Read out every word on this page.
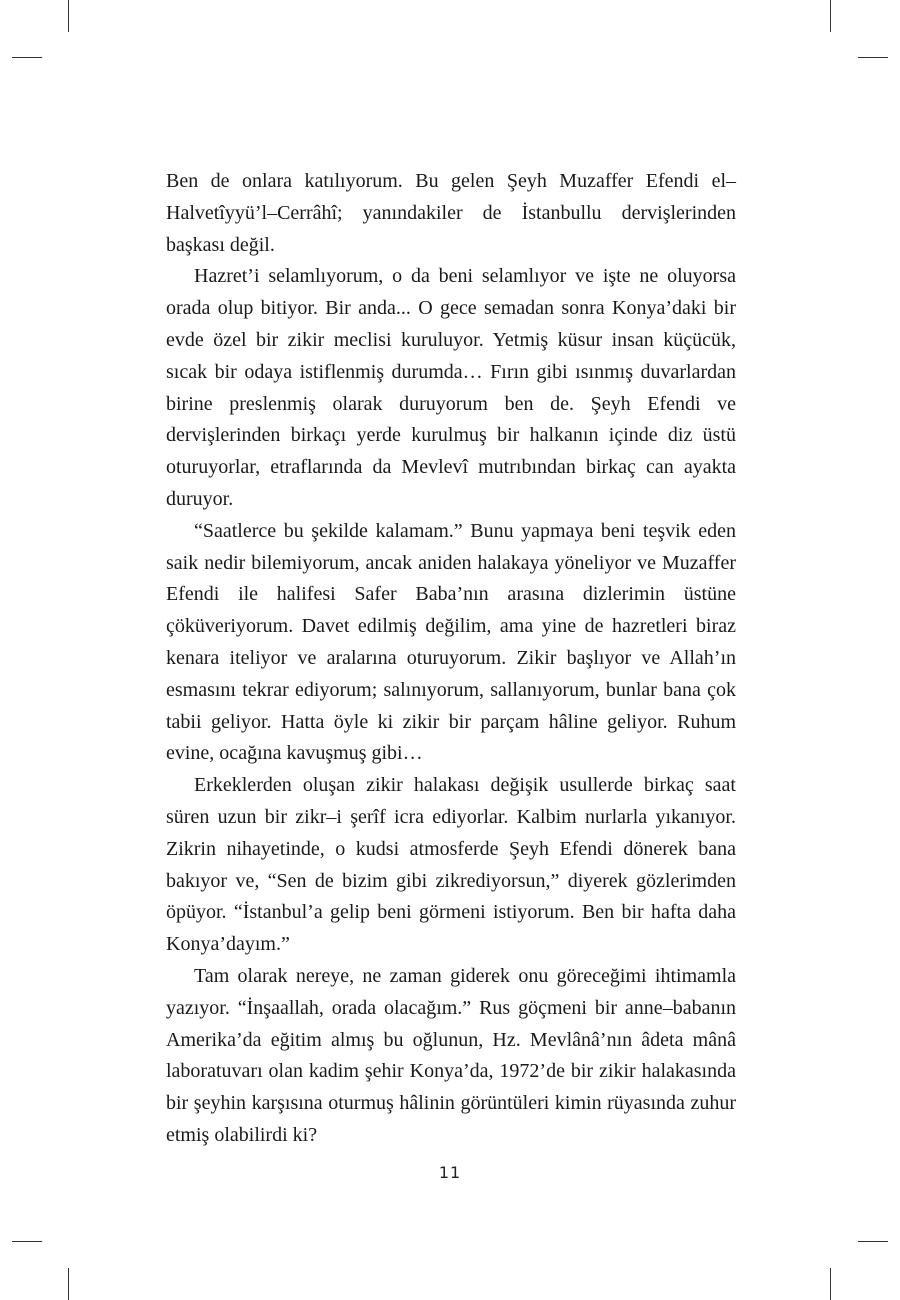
Ben de onlara katılıyorum. Bu gelen Şeyh Muzaffer Efendi el–Halvetîyyü’l–Cerrâhî; yanındakiler de İstanbullu dervişlerinden başkası değil.

Hazret’i selamlıyorum, o da beni selamlıyor ve işte ne oluyorsa orada olup bitiyor. Bir anda... O gece semadan sonra Konya’daki bir evde özel bir zikir meclisi kuruluyor. Yetmiş küsur insan küçücük, sıcak bir odaya istiflenmiş durumda… Fırın gibi ısınmış duvarlardan birine preslenmiş olarak duruyorum ben de. Şeyh Efendi ve dervişlerinden birkaçı yerde kurulmuş bir halkanın içinde diz üstü oturuyorlar, etraflarında da Mevlevî mutrıbından birkaç can ayakta duruyor.

“Saatlerce bu şekilde kalamam.” Bunu yapmaya beni teşvik eden saik nedir bilemiyorum, ancak aniden halakaya yöneliyor ve Muzaffer Efendi ile halifesi Safer Baba’nın arasına dizlerimin üstüne çöküveriyorum. Davet edilmiş değilim, ama yine de hazretleri biraz kenara iteliyor ve aralarına oturuyorum. Zikir başlıyor ve Allah’ın esmasını tekrar ediyorum; salınıyorum, sallanıyorum, bunlar bana çok tabii geliyor. Hatta öyle ki zikir bir parçam hâline geliyor. Ruhum evine, ocağına kavuşmuş gibi…

Erkeklerden oluşan zikir halakası değişik usullerde birkaç saat süren uzun bir zikr–i şerîf icra ediyorlar. Kalbim nurlarla yıkanıyor. Zikrin nihayetinde, o kudsi atmosferde Şeyh Efendi dönerek bana bakıyor ve, “Sen de bizim gibi zikrediyorsun,” diyerek gözlerimden öpüyor. “İstanbul’a gelip beni görmeni istiyorum. Ben bir hafta daha Konya’dayım.”

Tam olarak nereye, ne zaman giderek onu göreceğimi ihtimamla yazıyor. “İnşaallah, orada olacağım.” Rus göçmeni bir anne–babanın Amerika’da eğitim almış bu oğlunun, Hz. Mevlânâ’nın âdeta mânâ laboratuvarı olan kadim şehir Konya’da, 1972’de bir zikir halakasında bir şeyhin karşısına oturmuş hâlinin görüntüleri kimin rüyasında zuhur etmiş olabilirdi ki?

11
